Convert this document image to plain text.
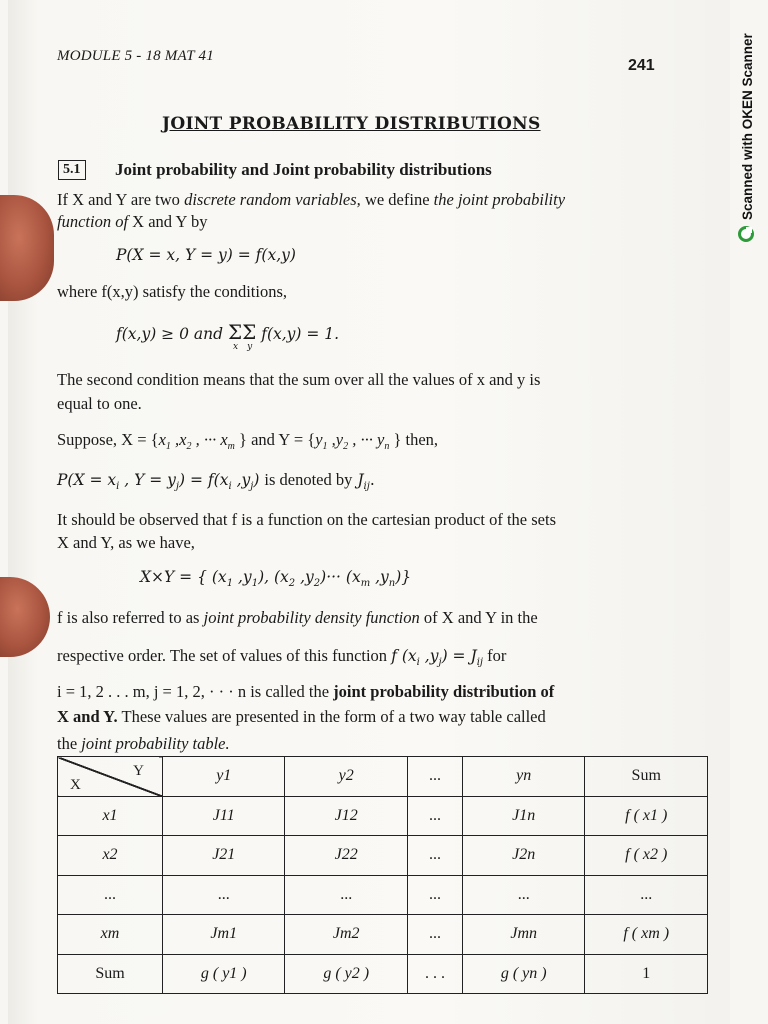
Scanned with OKEN Scanner
MODULE 5 - 18 MAT 41
241
JOINT PROBABILITY DISTRIBUTIONS
5.1 Joint probability and Joint probability distributions
If X and Y are two discrete random variables, we define the joint probability
function of X and Y by
P(X = x, Y = y) = f(x,y)
where f(x,y) satisfy the conditions,
f(x,y) ≥ 0 and Σ
x
Σ
y
f(x,y) = 1.
The second condition means that the sum over all the values of x and y is
equal to one.
Suppose, $X = \{x_1$ $,x_2$ , ··· $x_m$ } and $Y = \{y_1$ $,y_2$ , ··· $y_n$ } then,
$P(X = x_i$ , $Y = y_j) = f(x_i$ $,y_j$) is denoted by $J_{ij}$.
It should be observed that f is a function on the cartesian product of the sets
X and Y, as we have,
X×Y = { ($x_1$ $,y_1$), ($x_2$ $,y_2)\cdot\cdot\cdot (x_m$ $,y_n$)}
f is also referred to as joint probability density function of X and Y in the
respective order. The set of values of this function f ($x_i$ $,y_j) = J_{ij}$ for
i = 1, 2 . . . m, j = 1, 2, · · · n is called the joint probability distribution of
X and Y. These values are presented in the form of a two way table called
the joint probability table.
Y
X	y1	y2	...	yn	Sum
x1	J11	J12	...	J1n	f ( x1 )
x2	J21	J22	...	J2n	f ( x2 )
...	...	...	...	...	...
xm	Jm1	Jm2	...	Jmn	f ( xm )
Sum	g ( y1 )	g ( y2 )	. . .	g ( yn )	1
